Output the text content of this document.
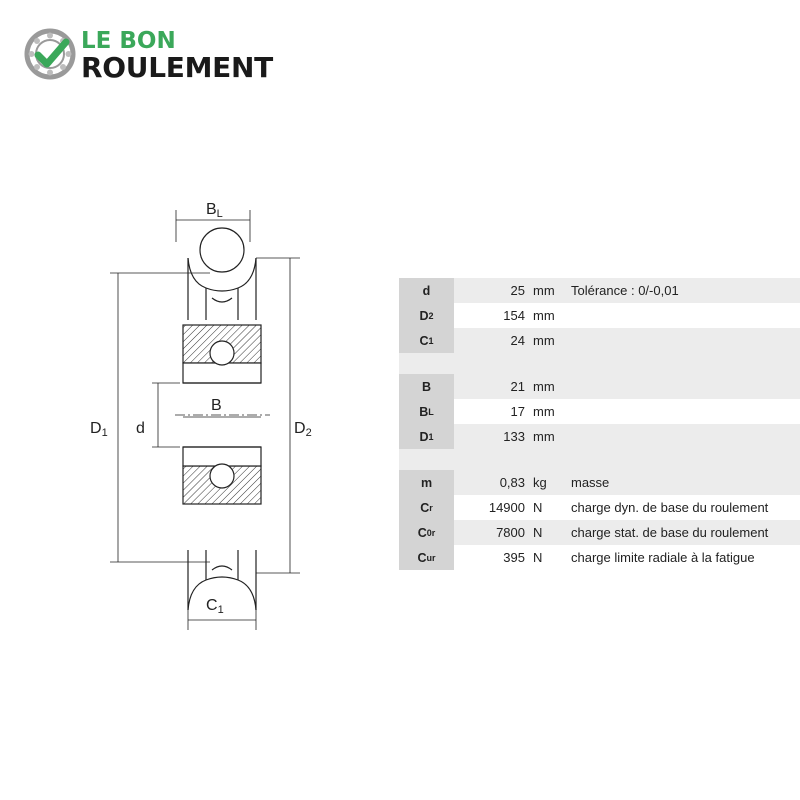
LE BON
ROULEMENT
BL
D1 d
B
D2
C1
d	25 mm	Tolérance : 0/-0,01
D 2	154 mm
C 1	24 mm
B	21 mm
B L	17 mm
D 1	133 mm
m	0,83 kg	masse
C r	14900 N	charge dyn. de base du roulement
C 0r	7800 N	charge stat. de base du roulement
C ur	395 N	charge limite radiale à la fatigue
